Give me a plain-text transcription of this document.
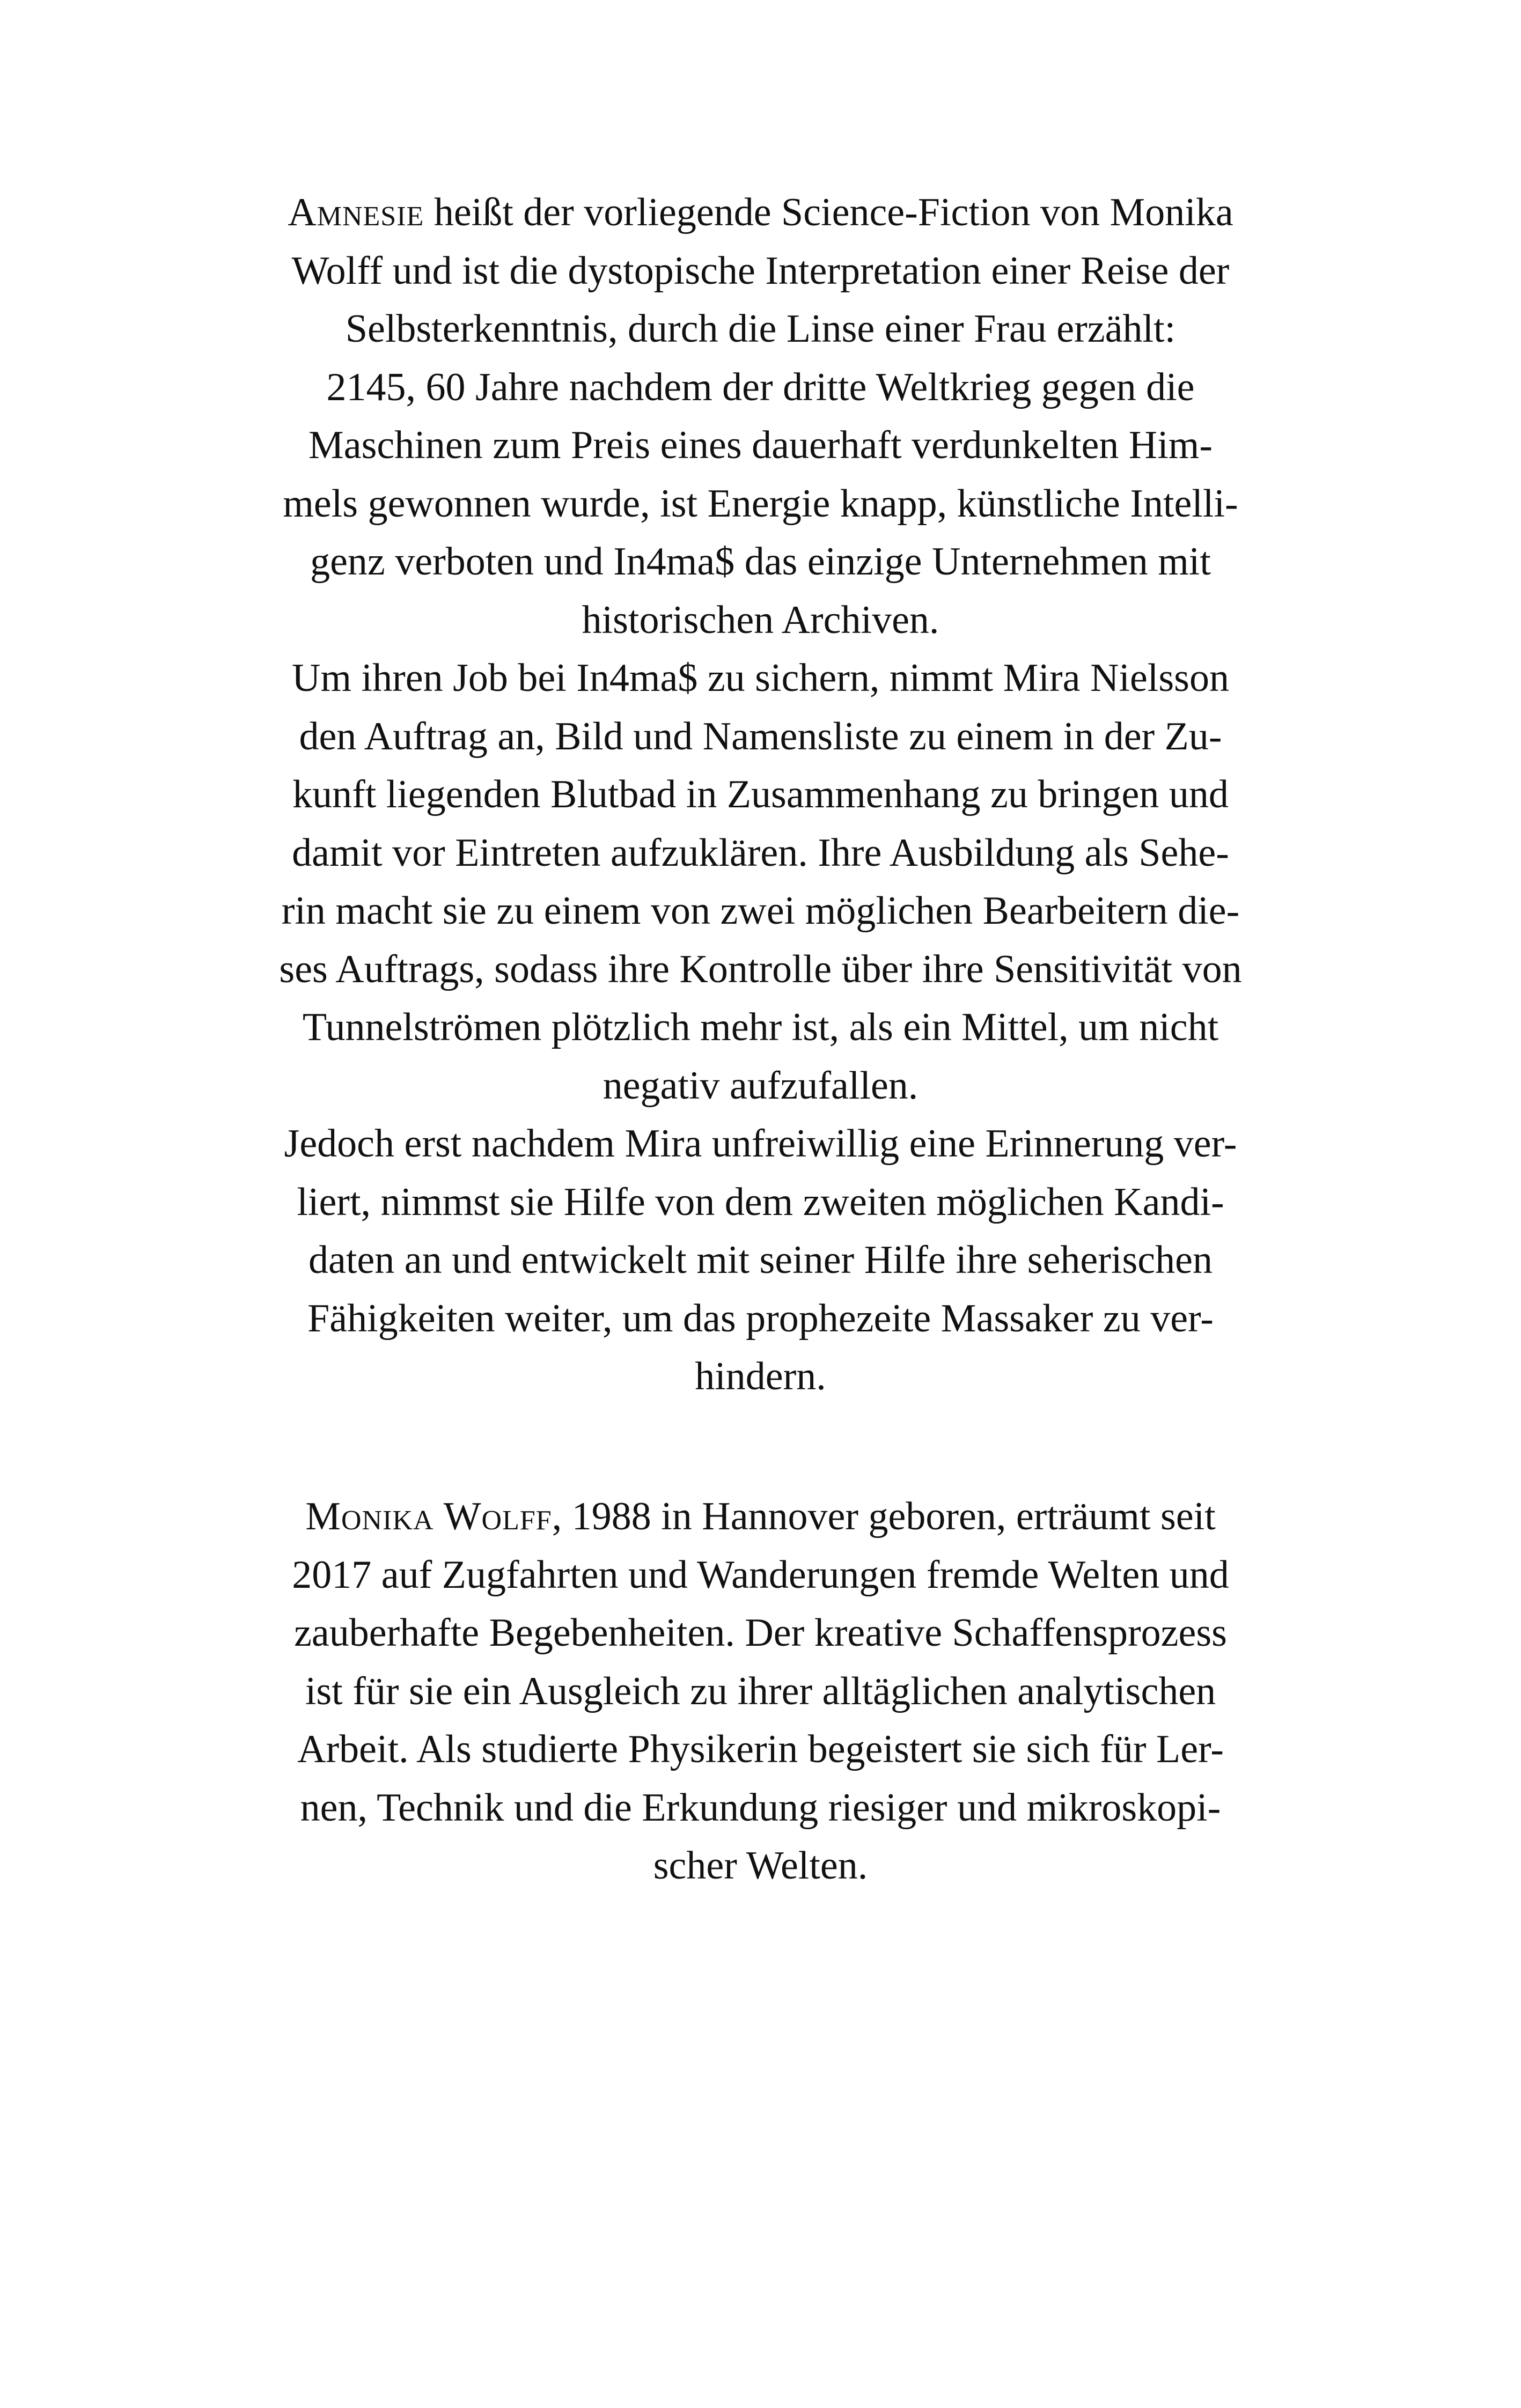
Amnesie heißt der vorliegende Science-Fiction von Monika
Wolff und ist die dystopische Interpretation einer Reise der
Selbsterkenntnis, durch die Linse einer Frau erzählt:
2145, 60 Jahre nachdem der dritte Weltkrieg gegen die
Maschinen zum Preis eines dauerhaft verdunkelten Him-
mels gewonnen wurde, ist Energie knapp, künstliche Intelli-
genz verboten und In4ma$ das einzige Unternehmen mit
historischen Archiven.
Um ihren Job bei In4ma$ zu sichern, nimmt Mira Nielsson
den Auftrag an, Bild und Namensliste zu einem in der Zu-
kunft liegenden Blutbad in Zusammenhang zu bringen und
damit vor Eintreten aufzuklären. Ihre Ausbildung als Sehe-
rin macht sie zu einem von zwei möglichen Bearbeitern die-
ses Auftrags, sodass ihre Kontrolle über ihre Sensitivität von
Tunnelströmen plötzlich mehr ist, als ein Mittel, um nicht
negativ aufzufallen.
Jedoch erst nachdem Mira unfreiwillig eine Erinnerung ver-
liert, nimmst sie Hilfe von dem zweiten möglichen Kandi-
daten an und entwickelt mit seiner Hilfe ihre seherischen
Fähigkeiten weiter, um das prophezeite Massaker zu ver-
hindern.
Monika Wolff, 1988 in Hannover geboren, erträumt seit
2017 auf Zugfahrten und Wanderungen fremde Welten und
zauberhafte Begebenheiten. Der kreative Schaffensprozess
ist für sie ein Ausgleich zu ihrer alltäglichen analytischen
Arbeit. Als studierte Physikerin begeistert sie sich für Ler-
nen, Technik und die Erkundung riesiger und mikroskopi-
scher Welten.
